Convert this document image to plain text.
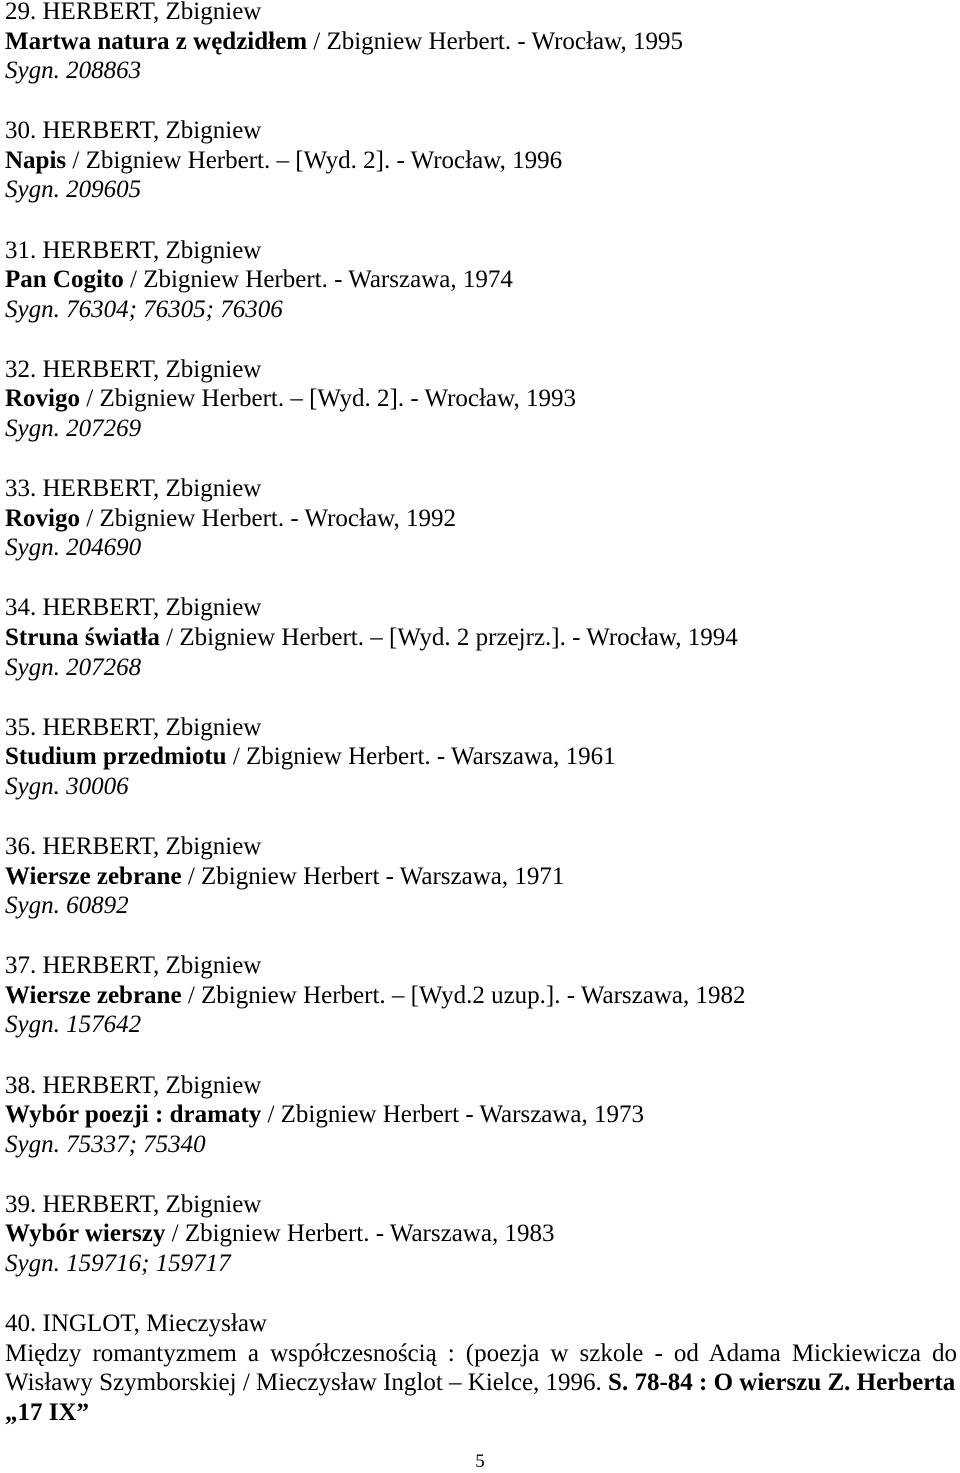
29. HERBERT, Zbigniew
Martwa natura z wędzidłem / Zbigniew Herbert. - Wrocław, 1995
Sygn. 208863
30. HERBERT, Zbigniew
Napis / Zbigniew Herbert. – [Wyd. 2]. - Wrocław, 1996
Sygn. 209605
31. HERBERT, Zbigniew
Pan Cogito / Zbigniew Herbert. - Warszawa, 1974
Sygn. 76304; 76305; 76306
32. HERBERT, Zbigniew
Rovigo / Zbigniew Herbert. – [Wyd. 2]. - Wrocław, 1993
Sygn. 207269
33. HERBERT, Zbigniew
Rovigo / Zbigniew Herbert. - Wrocław, 1992
Sygn. 204690
34. HERBERT, Zbigniew
Struna światła / Zbigniew Herbert. – [Wyd. 2 przejrz.]. - Wrocław, 1994
Sygn. 207268
35. HERBERT, Zbigniew
Studium przedmiotu / Zbigniew Herbert. - Warszawa, 1961
Sygn. 30006
36. HERBERT, Zbigniew
Wiersze zebrane / Zbigniew Herbert - Warszawa, 1971
Sygn. 60892
37. HERBERT, Zbigniew
Wiersze zebrane / Zbigniew Herbert. – [Wyd.2 uzup.]. - Warszawa, 1982
Sygn. 157642
38. HERBERT, Zbigniew
Wybór poezji : dramaty / Zbigniew Herbert - Warszawa, 1973
Sygn. 75337; 75340
39. HERBERT, Zbigniew
Wybór wierszy / Zbigniew Herbert. - Warszawa, 1983
Sygn. 159716; 159717
40. INGLOT, Mieczysław
Między romantyzmem a współczesnością : (poezja w szkole - od Adama Mickiewicza do Wisławy Szymborskiej / Mieczysław Inglot – Kielce, 1996. S. 78-84 : O wierszu Z. Herberta
„17 IX”
5
